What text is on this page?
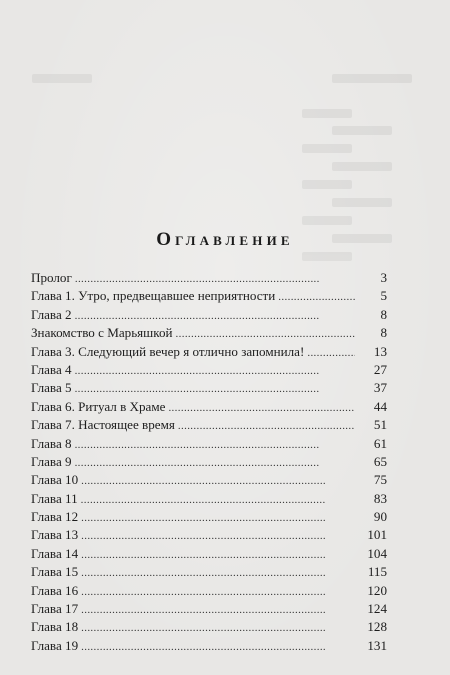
Оглавление
Пролог . . .	3
Глава 1. Утро, предвещавшее неприятности . . .	5
Глава 2 . . .	8
Знакомство с Марьяшкой . . .	8
Глава 3. Следующий вечер я отлично запомнила! . . .	13
Глава 4 . . .	27
Глава 5 . . .	37
Глава 6. Ритуал в Храме . . .	44
Глава 7. Настоящее время . . .	51
Глава 8 . . .	61
Глава 9 . . .	65
Глава 10 . . .	75
Глава 11 . . .	83
Глава 12 . . .	90
Глава 13 . . .	101
Глава 14 . . .	104
Глава 15 . . .	115
Глава 16 . . .	120
Глава 17 . . .	124
Глава 18 . . .	128
Глава 19 . . .	131
